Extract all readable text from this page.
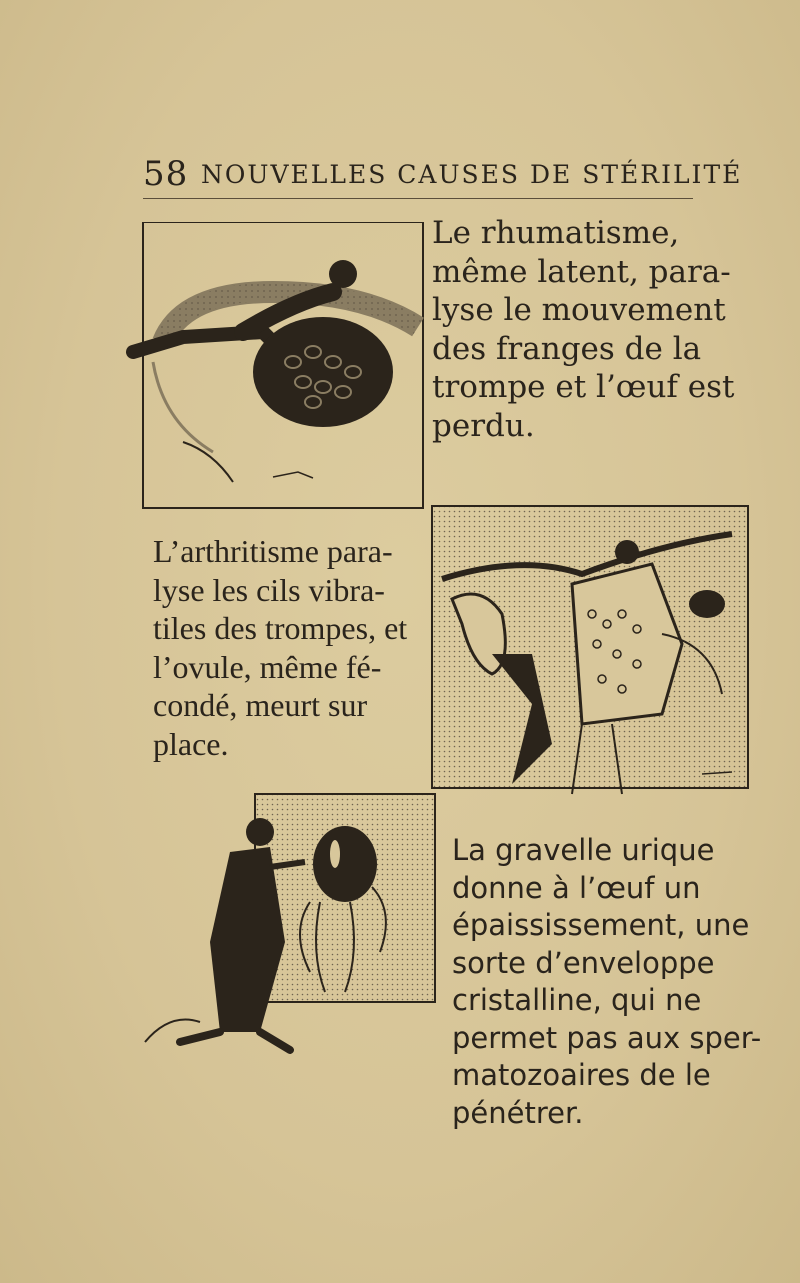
58 NOUVELLES CAUSES DE STÉRILITÉ

Le rhumatisme,
même latent, para-
lyse le mouvement
des franges de la
trompe et l’œuf est
perdu.

L’arthritisme para-
lyse les cils vibra-
tiles des trompes, et
l’ovule, même fé-
condé, meurt sur
place.

La gravelle urique
donne à l’œuf un
épaississement, une
sorte d’enveloppe
cristalline, qui ne
permet pas aux sper-
matozoaires de le
pénétrer.
